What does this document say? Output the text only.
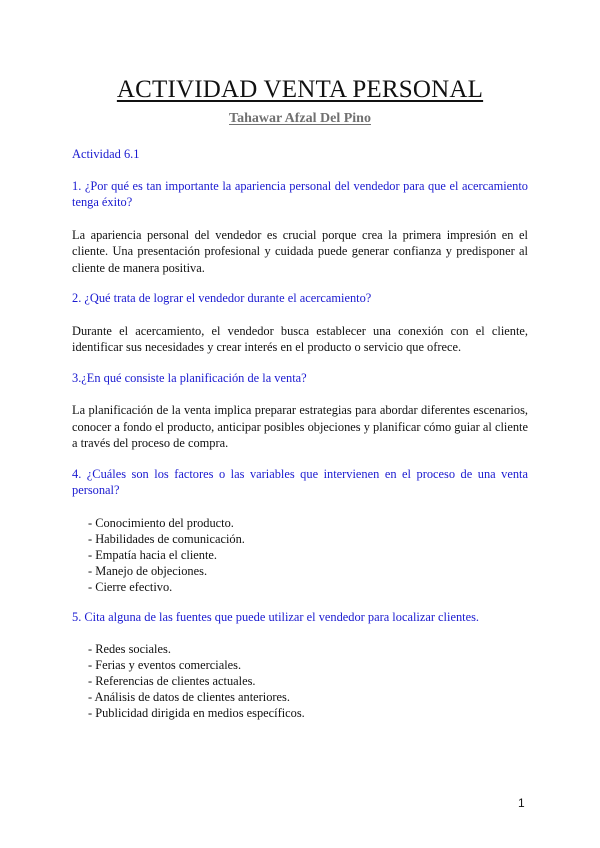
ACTIVIDAD VENTA PERSONAL
Tahawar Afzal Del Pino

Actividad 6.1

1. ¿Por qué es tan importante la apariencia personal del vendedor para que el acercamiento tenga éxito?

La apariencia personal del vendedor es crucial porque crea la primera impresión en el cliente. Una presentación profesional y cuidada puede generar confianza y predisponer al cliente de manera positiva.

2. ¿Qué trata de lograr el vendedor durante el acercamiento?

Durante el acercamiento, el vendedor busca establecer una conexión con el cliente, identificar sus necesidades y crear interés en el producto o servicio que ofrece.

3.¿En qué consiste la planificación de la venta?

La planificación de la venta implica preparar estrategias para abordar diferentes escenarios, conocer a fondo el producto, anticipar posibles objeciones y planificar cómo guiar al cliente a través del proceso de compra.

4. ¿Cuáles son los factores o las variables que intervienen en el proceso de una venta personal?

- Conocimiento del producto.
- Habilidades de comunicación.
- Empatía hacia el cliente.
- Manejo de objeciones.
- Cierre efectivo.

5. Cita alguna de las fuentes que puede utilizar el vendedor para localizar clientes.

- Redes sociales.
- Ferias y eventos comerciales.
- Referencias de clientes actuales.
- Análisis de datos de clientes anteriores.
- Publicidad dirigida en medios específicos.
1
